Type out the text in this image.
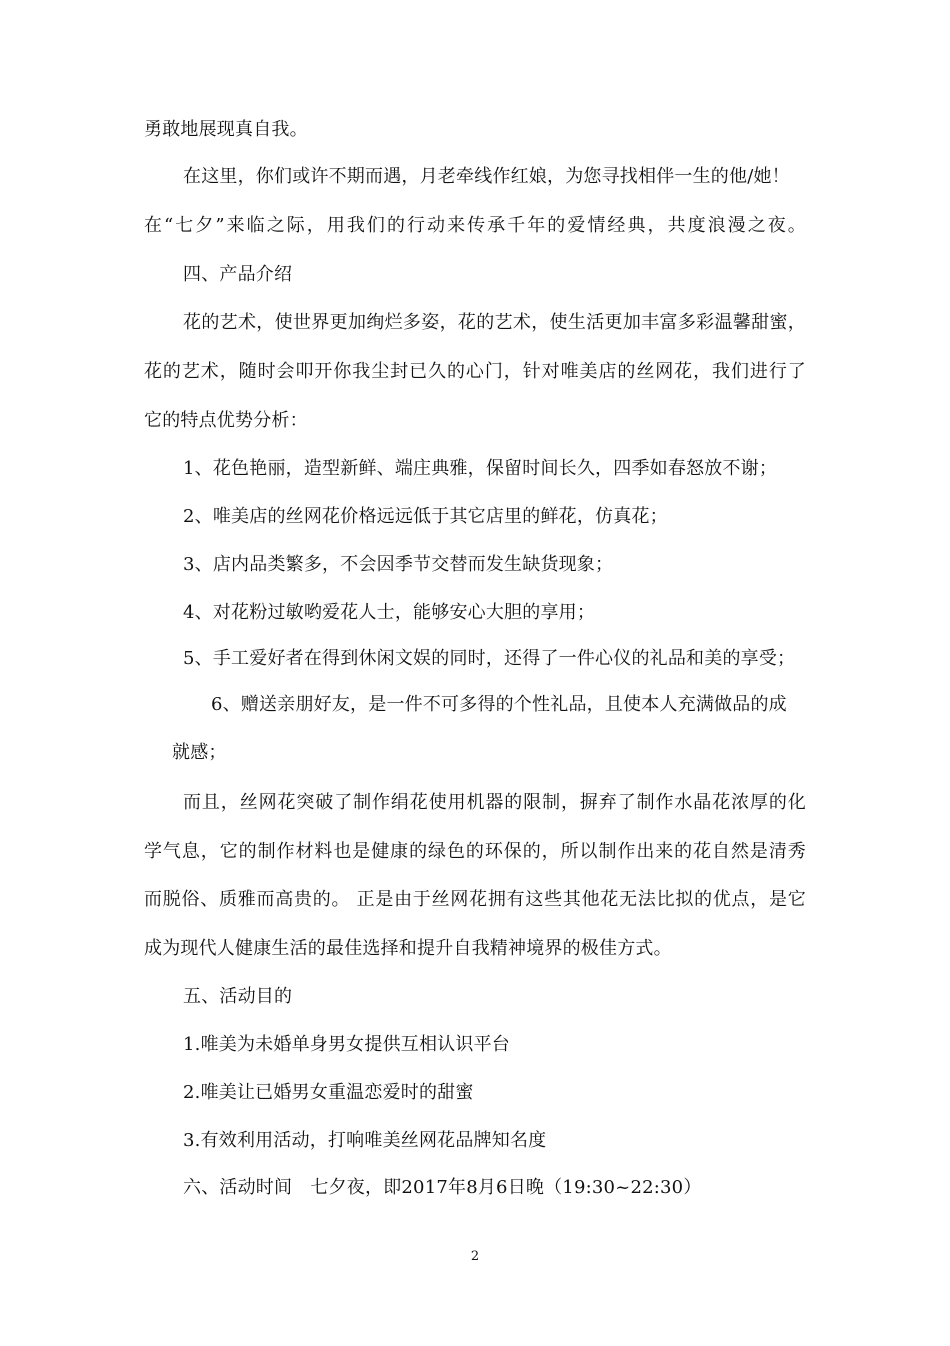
勇敢地展现真自我。
在这里，你们或许不期而遇，月老牵线作红娘，为您寻找相伴一生的他/她！
在“七夕”来临之际，用我们的行动来传承千年的爱情经典，共度浪漫之夜。
四、产品介绍
花的艺术，使世界更加绚烂多姿，花的艺术，使生活更加丰富多彩温馨甜蜜，
花的艺术，随时会叩开你我尘封已久的心门，针对唯美店的丝网花，我们进行了
它的特点优势分析：
1、花色艳丽，造型新鲜、端庄典雅，保留时间长久，四季如春怒放不谢；
2、唯美店的丝网花价格远远低于其它店里的鲜花，仿真花；
3、店内品类繁多，不会因季节交替而发生缺货现象；
4、对花粉过敏哟爱花人士，能够安心大胆的享用；
5、手工爱好者在得到休闲文娱的同时，还得了一件心仪的礼品和美的享受；
6、赠送亲朋好友，是一件不可多得的个性礼品，且使本人充满做品的成
就感；
而且，丝网花突破了制作绢花使用机器的限制，摒弃了制作水晶花浓厚的化
学气息，它的制作材料也是健康的绿色的环保的，所以制作出来的花自然是清秀
而脱俗、质雅而高贵的。 正是由于丝网花拥有这些其他花无法比拟的优点，是它
成为现代人健康生活的最佳选择和提升自我精神境界的极佳方式。
五、活动目的
1.唯美为未婚单身男女提供互相认识平台
2.唯美让已婚男女重温恋爱时的甜蜜
3.有效利用活动，打响唯美丝网花品牌知名度
六、活动时间　七夕夜，即2017年8月6日晚（19:30~22:30）
2
